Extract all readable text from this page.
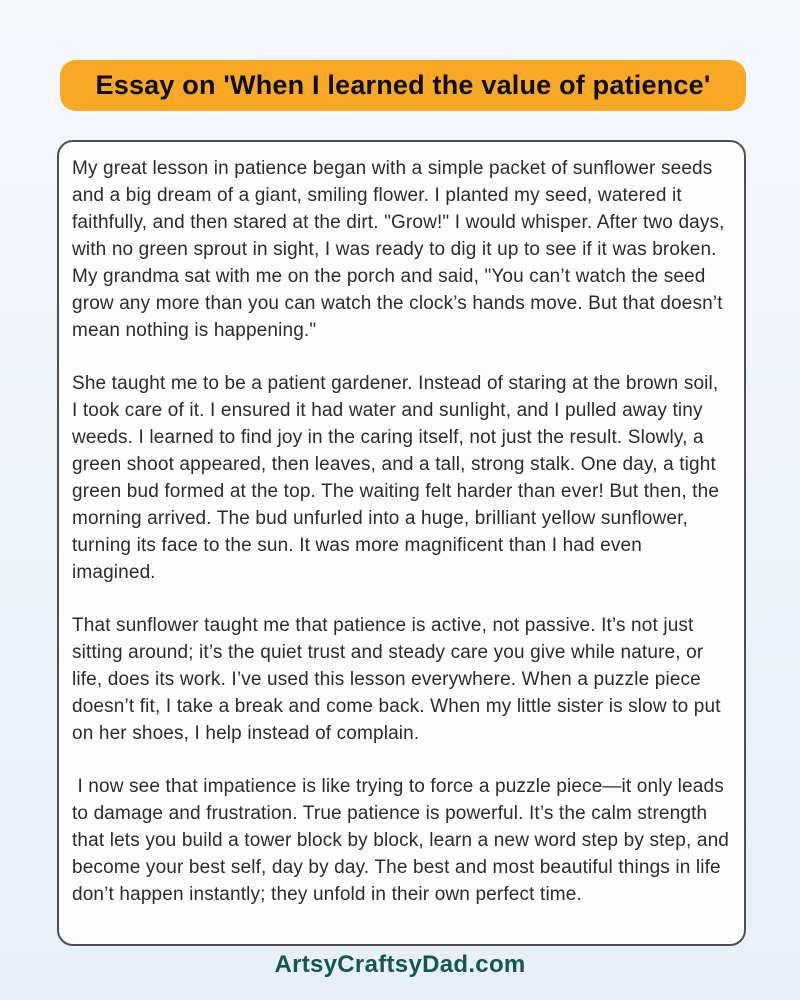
Essay on 'When I learned the value of patience'

My great lesson in patience began with a simple packet of sunflower seeds and a big dream of a giant, smiling flower. I planted my seed, watered it faithfully, and then stared at the dirt. "Grow!" I would whisper. After two days, with no green sprout in sight, I was ready to dig it up to see if it was broken. My grandma sat with me on the porch and said, "You can’t watch the seed grow any more than you can watch the clock’s hands move. But that doesn’t mean nothing is happening."

She taught me to be a patient gardener. Instead of staring at the brown soil, I took care of it. I ensured it had water and sunlight, and I pulled away tiny weeds. I learned to find joy in the caring itself, not just the result. Slowly, a green shoot appeared, then leaves, and a tall, strong stalk. One day, a tight green bud formed at the top. The waiting felt harder than ever! But then, the morning arrived. The bud unfurled into a huge, brilliant yellow sunflower, turning its face to the sun. It was more magnificent than I had even imagined.

That sunflower taught me that patience is active, not passive. It’s not just sitting around; it’s the quiet trust and steady care you give while nature, or life, does its work. I’ve used this lesson everywhere. When a puzzle piece doesn’t fit, I take a break and come back. When my little sister is slow to put on her shoes, I help instead of complain.

I now see that impatience is like trying to force a puzzle piece—it only leads to damage and frustration. True patience is powerful. It’s the calm strength that lets you build a tower block by block, learn a new word step by step, and become your best self, day by day. The best and most beautiful things in life don’t happen instantly; they unfold in their own perfect time.

ArtsyCraftsyDad.com
